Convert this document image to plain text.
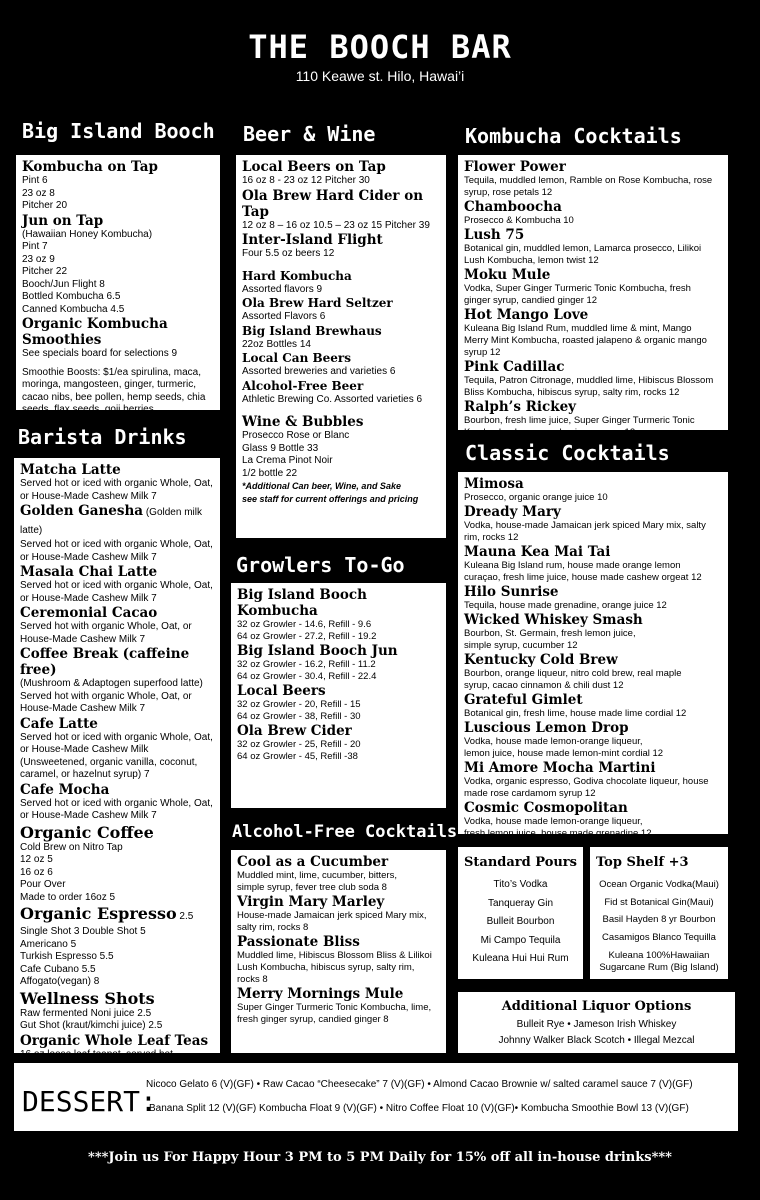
THE BOOCH BAR
110 Keawe st. Hilo, Hawai’i
Big Island Booch Beer & Wine	Kombucha Cocktails
Barista Drinks
Classic Cocktails
Growlers To-Go
Alcohol-Free Cocktails
Kombucha on Tap
Pint 6
23 oz 8
Pitcher 20
Jun on Tap
(Hawaiian Honey Kombucha)
Pint 7
23 oz 9
Pitcher 22
Booch/Jun Flight 8
Bottled Kombucha 6.5
Canned Kombucha 4.5
Organic Kombucha Smoothies
See specials board for selections 9
Smoothie Boosts: $1/ea spirulina, maca,
moringa, mangosteen, ginger, turmeric,
cacao nibs, bee pollen, hemp seeds, chia
seeds, flax seeds, goji berries
Local Beers on Tap
16 oz 8 - 23 oz 12 Pitcher 30
Ola Brew Hard Cider on Tap
12 oz 8 – 16 oz 10.5 – 23 oz 15 Pitcher 39
Inter-Island Flight
Four 5.5 oz beers 12
Hard Kombucha
Assorted flavors 9
Ola Brew Hard Seltzer
Assorted Flavors 6
Big Island Brewhaus
22oz Bottles 14
Local Can Beers
Assorted breweries and varieties 6
Alcohol-Free Beer
Athletic Brewing Co. Assorted varieties 6
Wine & Bubbles
Prosecco Rose or Blanc
Glass 9 Bottle 33
La Crema Pinot Noir
1/2 bottle 22
*Additional Can beer, Wine, and Sake
see staff for current offerings and pricing
Flower Power
Tequila, muddled lemon, Ramble on Rose Kombucha, rose
syrup, rose petals 12
Chamboocha
Prosecco & Kombucha 10
Lush 75
Botanical gin, muddled lemon, Lamarca prosecco, Lilikoi
Lush Kombucha, lemon twist 12
Moku Mule
Vodka, Super Ginger Turmeric Tonic Kombucha, fresh
ginger syrup, candied ginger 12
Hot Mango Love
Kuleana Big Island Rum, muddled lime & mint, Mango
Merry Mint Kombucha, roasted jalapeno & organic mango
syrup 12
Pink Cadillac
Tequila, Patron Citronage, muddled lime, Hibiscus Blossom
Bliss Kombucha, hibiscus syrup, salty rim, rocks 12
Ralph’s Rickey
Bourbon, fresh lime juice, Super Ginger Turmeric Tonic
Kombucha, house made ginger syrup 12
Matcha Latte
Served hot or iced with organic Whole, Oat,
or House-Made Cashew Milk 7
Golden Ganesha (Golden milk latte)
Served hot or iced with organic Whole, Oat,
or House-Made Cashew Milk 7
Masala Chai Latte
Served hot or iced with organic Whole, Oat,
or House-Made Cashew Milk 7
Ceremonial Cacao
Served hot with organic Whole, Oat, or
House-Made Cashew Milk 7
Coffee Break (caffeine free)
(Mushroom & Adaptogen superfood latte)
Served hot with organic Whole, Oat, or
House-Made Cashew Milk 7
Cafe Latte
Served hot or iced with organic Whole, Oat,
or House-Made Cashew Milk
(Unsweetened, organic vanilla, coconut,
caramel, or hazelnut syrup) 7
Cafe Mocha
Served hot or iced with organic Whole, Oat,
or House-Made Cashew Milk 7
Organic Coffee
Cold Brew on Nitro Tap
12 oz 5
16 oz 6
Pour Over
Made to order 16oz 5
Organic Espresso 2.5
Single Shot 3 Double Shot 5
Americano 5
Turkish Espresso 5.5
Cafe Cubano 5.5
Affogato(vegan) 8
Wellness Shots
Raw fermented Noni juice 2.5
Gut Shot (kraut/kimchi juice) 2.5
Organic Whole Leaf Teas
16 oz loose leaf teapot, served hot
Mimosa
Prosecco, organic orange juice 10
Dready Mary
Vodka, house-made Jamaican jerk spiced Mary mix, salty
rim, rocks 12
Mauna Kea Mai Tai
Kuleana Big Island rum, house made orange lemon
curaçao, fresh lime juice, house made cashew orgeat 12
Hilo Sunrise
Tequila, house made grenadine, orange juice 12
Wicked Whiskey Smash
Bourbon, St. Germain, fresh lemon juice,
simple syrup, cucumber 12
Kentucky Cold Brew
Bourbon, orange liqueur, nitro cold brew, real maple
syrup, cacao cinnamon & chili dust 12
Grateful Gimlet
Botanical gin, fresh lime, house made lime cordial 12
Luscious Lemon Drop
Vodka, house made lemon-orange liqueur,
lemon juice, house made lemon-mint cordial 12
Mi Amore Mocha Martini
Vodka, organic espresso, Godiva chocolate liqueur, house
made rose cardamom syrup 12
Cosmic Cosmopolitan
Vodka, house made lemon-orange liqueur,
fresh lemon juice, house made grenadine 12
Big Island Booch Kombucha
32 oz Growler - 14.6, Refill - 9.6
64 oz Growler - 27.2, Refill - 19.2
Big Island Booch Jun
32 oz Growler - 16.2, Refill - 11.2
64 oz Growler - 30.4, Refill - 22.4
Local Beers
32 oz Growler - 20, Refill - 15
64 oz Growler - 38, Refill - 30
Ola Brew Cider
32 oz Growler - 25, Refill - 20
64 oz Growler - 45, Refill -38
Cool as a Cucumber
Muddled mint, lime, cucumber, bitters,
simple syrup, fever tree club soda 8
Virgin Mary Marley
House-made Jamaican jerk spiced Mary mix,
salty rim, rocks 8
Passionate Bliss
Muddled lime, Hibiscus Blossom Bliss & Lilikoi
Lush Kombucha, hibiscus syrup, salty rim,
rocks 8
Merry Mornings Mule
Super Ginger Turmeric Tonic Kombucha, lime,
fresh ginger syrup, candied ginger 8
Standard Pours
Tito’s Vodka
Tanqueray Gin
Bulleit Bourbon
Mi Campo Tequila
Kuleana Hui Hui Rum
Top Shelf +3
Ocean Organic Vodka(Maui)
Fid st Botanical Gin(Maui)
Basil Hayden 8 yr Bourbon
Casamigos Blanco Tequilla
Kuleana 100%Hawaiian
Sugarcane Rum (Big Island)
Additional Liquor Options
Bulleit Rye • Jameson Irish Whiskey
Johnny Walker Black Scotch • Illegal Mezcal
DESSERT:
Nicoco Gelato 6 (V)(GF) • Raw Cacao “Cheesecake” 7 (V)(GF) • Almond Cacao Brownie w/ salted caramel sauce 7 (V)(GF)
Banana Split 12 (V)(GF) Kombucha Float 9 (V)(GF) • Nitro Coffee Float 10 (V)(GF)• Kombucha Smoothie Bowl 13 (V)(GF)
***Join us For Happy Hour 3 PM to 5 PM Daily for 15% off all in-house drinks***
